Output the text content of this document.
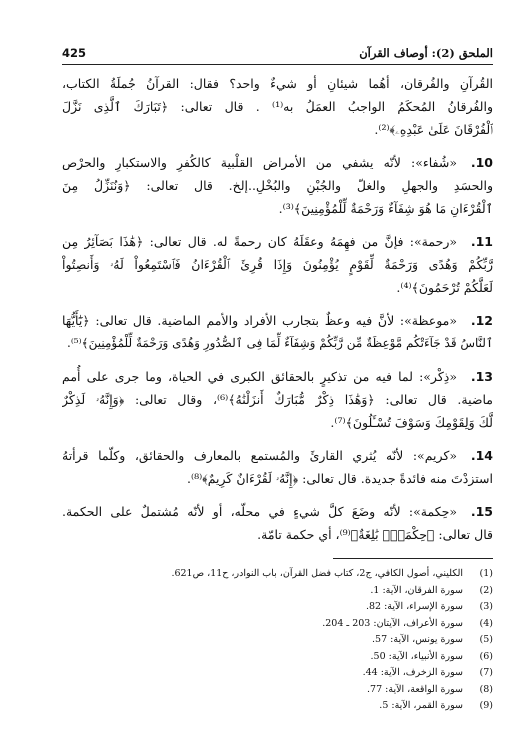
الملحق (2): أوصاف القرآن
425
القُرآنِ والفُرقان، أهُما شيئانِ أو شيءٌ واحد؟ فقال: القرآنُ جُملَةُ الكتاب،
والفُرقانُ المُحكَمُ الواجبُ العمَلُ به⁽¹⁾ . قال تعالى: ﴿تَبَارَكَ ٱلَّذِى نَزَّلَ
ٱلْفُرْقَانَ عَلَىٰ عَبْدِهِۦ﴾⁽²⁾.
.10
«شُفاء»: لأنّه يشفي من الأمراض القلْبية كالكُفرِ والاستكبارِ والحرْص
والحسَدِ والجهلِ والغلّ والجُبْنِ والبُخْلِ..إلخ. قال تعالى: ﴿وَنُنَزِّلُ مِنَ
ٱلْقُرْءَانِ مَا هُوَ شِفَآءٌ وَرَحْمَةٌ لِّلْمُؤْمِنِينَ﴾⁽³⁾.
.11
«رحمة»: فإنَّ من فهِمَهُ وعقَلَهُ كان رحمةً له. قال تعالى: ﴿هَٰذَا بَصَآئِرُ مِن
رَّبِّكُمْ وَهُدًى وَرَحْمَةٌ لِّقَوْمٍ يُؤْمِنُونَ وَإِذَا قُرِئَ ٱلْقُرْءَانُ فَٱسْتَمِعُواْ لَهُۥ وَأَنصِتُواْ
لَعَلَّكُمْ تُرْحَمُونَ﴾⁽⁴⁾.
.12
«موعظة»: لأنَّ فيه وعظٌ بتجارب الأفراد والأمم الماضية. قال تعالى: ﴿يَٰٓأَيُّهَا
ٱلنَّاسُ قَدْ جَآءَتْكُم مَّوْعِظَةٌ مِّن رَّبِّكُمْ وَشِفَآءٌ لِّمَا فِى ٱلصُّدُورِ وَهُدًى وَرَحْمَةٌ لِّلْمُؤْمِنِينَ﴾⁽⁵⁾.
.13
«ذِكْر»: لما فيه من تذكيرٍ بالحقائق الكبرى في الحياة، وما جرى على أُمم
ماضية. قال تعالى: ﴿وَهَٰذَا ذِكْرٌ مُّبَارَكٌ أَنزَلْنَٰهُ﴾⁽⁶⁾، وقال تعالى: ﴿وَإِنَّهُۥ لَذِكْرٌ
لَّكَ وَلِقَوْمِكَ وَسَوْفَ تُسْـَٔلُونَ﴾⁽⁷⁾.
.14
«كريم»: لأنّه يُثري القارئَ والمُستمع بالمعارف والحقائق، وكلّما قرأتهُ
استزدْتَ منه فائدةً جديدة. قال تعالى: ﴿إِنَّهُۥ لَقُرْءَانٌ كَرِيمٌ﴾⁽⁸⁾.
.15
«حِكمة»: لأنّه وضَعَ كلَّ شيءٍ في محلّه، أو لأنّه مُشتملٌ على الحكمة.
قال تعالى: ﴿حِكْمَةٌۢ بَٰلِغَةٌ﴾⁽⁹⁾، أي حكمة تامّة.
(1)الكليني، أصول الكافي، ج2، كتاب فضل القرآن، باب النوادر، ح11، ص621.
(2)سورة الفرقان، الآية: 1.
(3)سورة الإسراء، الآية: 82.
(4)سورة الأعراف، الآيتان: 203 ـ 204.
(5)سورة يونس، الآية: 57.
(6)سورة الأنبياء، الآية: 50.
(7)سورة الزخرف، الآية: 44.
(8)سورة الواقعة، الآية: 77.
(9)سورة القمر، الآية: 5.
